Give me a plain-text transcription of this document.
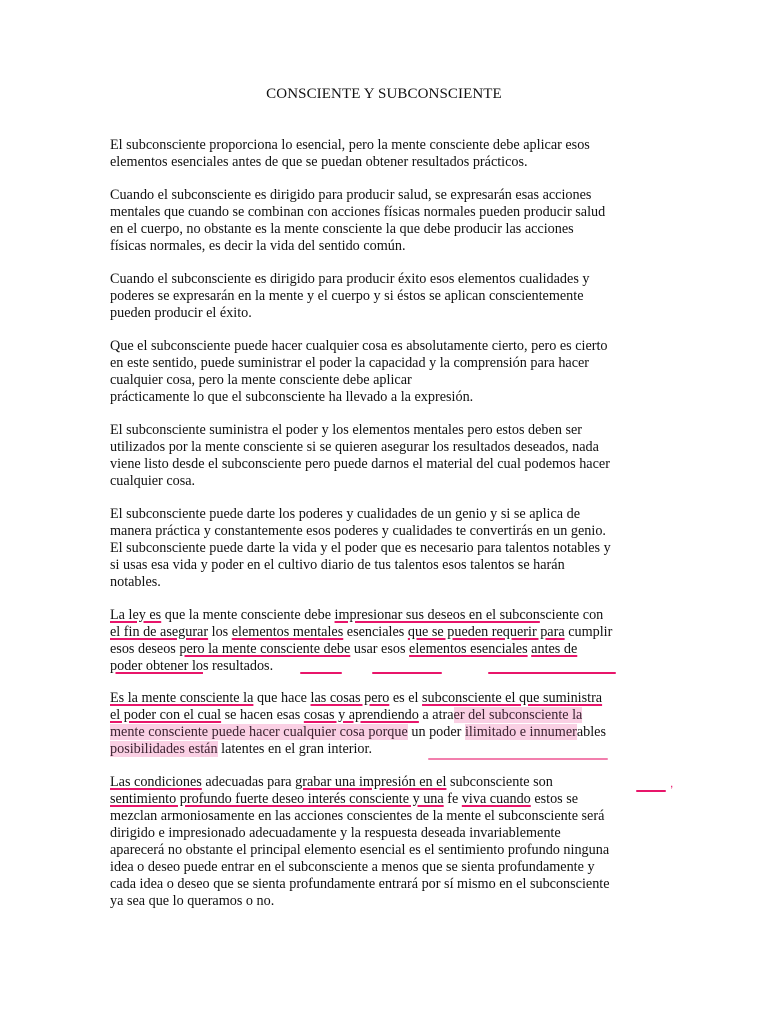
CONSCIENTE Y SUBCONSCIENTE

El subconsciente proporciona lo esencial, pero la mente consciente debe aplicar esos
elementos esenciales antes de que se puedan obtener resultados prácticos.

Cuando el subconsciente es dirigido para producir salud, se expresarán esas acciones
mentales que cuando se combinan con acciones físicas normales pueden producir salud
en el cuerpo, no obstante es la mente consciente la que debe producir las acciones
físicas normales, es decir la vida del sentido común.

Cuando el subconsciente es dirigido para producir éxito esos elementos cualidades y
poderes se expresarán en la mente y el cuerpo y si éstos se aplican conscientemente
pueden producir el éxito.

Que el subconsciente puede hacer cualquier cosa es absolutamente cierto, pero es cierto
en este sentido, puede suministrar el poder la capacidad y la comprensión para hacer
cualquier cosa, pero la mente consciente debe aplicar
prácticamente lo que el subconsciente ha llevado a la expresión.

El subconsciente suministra el poder y los elementos mentales pero estos deben ser
utilizados por la mente consciente si se quieren asegurar los resultados deseados, nada
viene listo desde el subconsciente pero puede darnos el material del cual podemos hacer
cualquier cosa.

El subconsciente puede darte los poderes y cualidades de un genio y si se aplica de
manera práctica y constantemente esos poderes y cualidades te convertirás en un genio.
El subconsciente puede darte la vida y el poder que es necesario para talentos notables y
si usas esa vida y poder en el cultivo diario de tus talentos esos talentos se harán
notables.

La ley es que la mente consciente debe impresionar sus deseos en el subconsciente con
el fin de asegurar los elementos mentales esenciales que se pueden requerir para cumplir
esos deseos pero la mente consciente debe usar esos elementos esenciales antes de
poder obtener los resultados.

Es la mente consciente la que hace las cosas pero es el subconsciente el que suministra
el poder con el cual se hacen esas cosas y aprendiendo a atraer del subconsciente la
mente consciente puede hacer cualquier cosa porque un poder ilimitado e innumerables
posibilidades están latentes en el gran interior.

Las condiciones adecuadas para grabar una impresión en el subconsciente son
sentimiento profundo fuerte deseo interés consciente y una fe viva cuando estos se
mezclan armoniosamente en las acciones conscientes de la mente el subconsciente será
dirigido e impresionado adecuadamente y la respuesta deseada invariablemente
aparecerá no obstante el principal elemento esencial es el sentimiento profundo ninguna
idea o deseo puede entrar en el subconsciente a menos que se sienta profundamente y
cada idea o deseo que se sienta profundamente entrará por sí mismo en el subconsciente
ya sea que lo queramos o no.

,
